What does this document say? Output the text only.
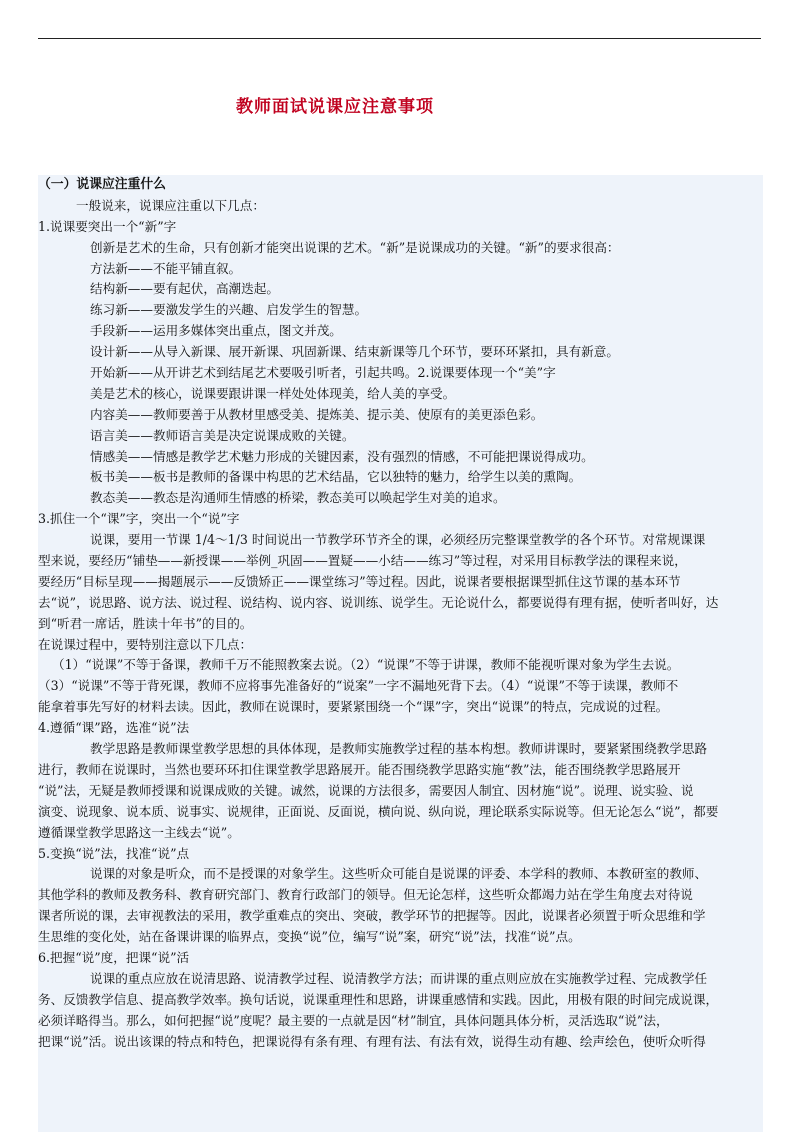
教师面试说课应注意事项
（一）说课应注重什么
一般说来，说课应注重以下几点：
1.说课要突出一个“新”字
创新是艺术的生命，只有创新才能突出说课的艺术。“新”是说课成功的关键。“新”的要求很高：
方法新——不能平铺直叙。
结构新——要有起伏，高潮迭起。
练习新——要激发学生的兴趣、启发学生的智慧。
手段新——运用多媒体突出重点，图文并茂。
设计新——从导入新课、展开新课、巩固新课、结束新课等几个环节，要环环紧扣，具有新意。
开始新——从开讲艺术到结尾艺术要吸引听者，引起共鸣。2.说课要体现一个“美”字
美是艺术的核心，说课要跟讲课一样处处体现美，给人美的享受。
内容美——教师要善于从教材里感受美、提炼美、提示美、使原有的美更添色彩。
语言美——教师语言美是决定说课成败的关键。
情感美——情感是教学艺术魅力形成的关键因素，没有强烈的情感，不可能把课说得成功。
板书美——板书是教师的备课中构思的艺术结晶，它以独特的魅力，给学生以美的熏陶。
教态美——教态是沟通师生情感的桥梁，教态美可以唤起学生对美的追求。
3.抓住一个“课”字，突出一个“说”字
说课，要用一节课 1/4～1/3 时间说出一节教学环节齐全的课，必须经历完整课堂教学的各个环节。对常规课课
型来说，要经历“铺垫——新授课——举例_巩固——置疑——小结——练习”等过程，对采用目标教学法的课程来说，
要经历“目标呈现——揭题展示——反馈矫正——课堂练习”等过程。因此，说课者要根据课型抓住这节课的基本环节
去“说”，说思路、说方法、说过程、说结构、说内容、说训练、说学生。无论说什么，都要说得有理有据，使听者叫好，达
到“听君一席话，胜读十年书”的目的。
在说课过程中，要特别注意以下几点：
（1）“说课”不等于备课，教师千万不能照教案去说。（2）“说课”不等于讲课，教师不能视听课对象为学生去说。
（3）“说课”不等于背死课，教师不应将事先准备好的“说案”一字不漏地死背下去。（4）“说课”不等于读课，教师不
能拿着事先写好的材料去读。因此，教师在说课时，要紧紧围绕一个“课”字，突出“说课”的特点，完成说的过程。
4.遵循“课”路，选准“说”法
教学思路是教师课堂教学思想的具体体现，是教师实施教学过程的基本构想。教师讲课时，要紧紧围绕教学思路
进行，教师在说课时，当然也要环环扣住课堂教学思路展开。能否围绕教学思路实施“教”法，能否围绕教学思路展开
“说”法，无疑是教师授课和说课成败的关键。诚然，说课的方法很多，需要因人制宜、因材施“说”。说理、说实验、说
演变、说现象、说本质、说事实、说规律，正面说、反面说，横向说、纵向说，理论联系实际说等。但无论怎么“说”，都要
遵循课堂教学思路这一主线去“说”。
5.变换“说”法，找准“说”点
说课的对象是听众，而不是授课的对象学生。这些听众可能自是说课的评委、本学科的教师、本教研室的教师、
其他学科的教师及教务科、教育研究部门、教育行政部门的领导。但无论怎样，这些听众都竭力站在学生角度去对待说
课者所说的课，去审视教法的采用，教学重难点的突出、突破，教学环节的把握等。因此，说课者必须置于听众思维和学
生思维的变化处，站在备课讲课的临界点，变换“说”位，编写“说”案，研究“说”法，找准“说”点。
6.把握“说”度，把课“说”活
说课的重点应放在说清思路、说清教学过程、说清教学方法；而讲课的重点则应放在实施教学过程、完成教学任
务、反馈教学信息、提高教学效率。换句话说，说课重理性和思路，讲课重感情和实践。因此，用极有限的时间完成说课，
必须详略得当。那么，如何把握“说”度呢？最主要的一点就是因“材”制宜，具体问题具体分析，灵活选取“说”法，
把课“说”活。说出该课的特点和特色，把课说得有条有理、有理有法、有法有效，说得生动有趣、绘声绘色，使听众听得
